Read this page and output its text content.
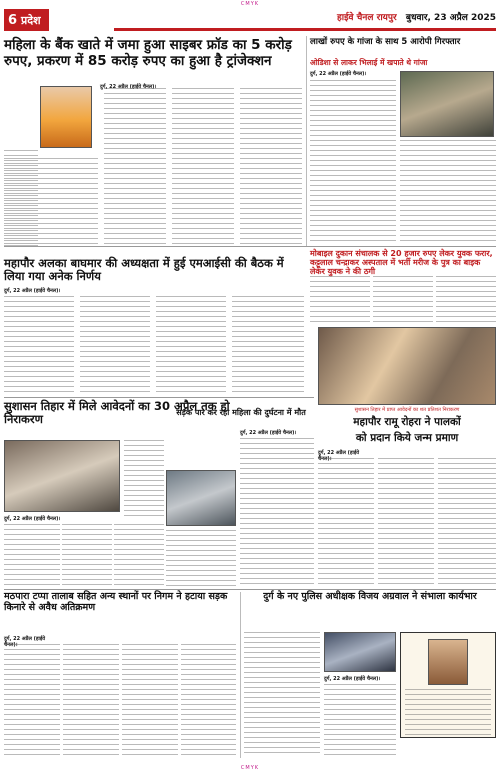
CMYK
CMYK
6 प्रदेश	हाईवे चैनल रायपुर बुधवार, 23 अप्रैल 2025
महिला के बैंक खाते में जमा हुआ साइबर फ्रॉड का 5 करोड़ रुपए, प्रकरण में 85 करोड़ रुपए का हुआ है ट्रांजेक्शन
दुर्ग, 22 अप्रैल (हाईवे चैनल)।
लाखों रुपए के गांजा के साथ 5 आरोपी गिरफ्तार
ओडिशा से लाकर भिलाई में खपाते थे गांजा
दुर्ग, 22 अप्रैल (हाईवे चैनल)।
मोबाइल दुकान संचालक से 20 हजार रुपए लेकर युवक फरार, कट्टूलाल चन्द्राकर अस्पताल में भर्ती मरीज के पुत्र का बाइक लेकर युवक ने की ठगी
महापौर अलका बाघमार की अध्यक्षता में हुई एमआईसी की बैठक में लिया गया अनेक निर्णय
दुर्ग, 22 अप्रैल (हाईवे चैनल)।
सुशासन तिहार में मिले आवेदनों का 30 अप्रैल तक हो निराकरण
दुर्ग, 22 अप्रैल (हाईवे चैनल)।
सड़क पार कर रहा महिला की दुर्घटना में मौत
दुर्ग, 22 अप्रैल (हाईवे चैनल)।
सुशासन तिहार में प्राप्त आवेदनों का शत प्रतिशत निराकरण
महापौर रामू रोहरा ने पालकों
को प्रदान किये जन्म प्रमाण
दुर्ग, 22 अप्रैल (हाईवे चैनल)।
मठपारा टप्पा तालाब सहित अन्य स्थानों पर निगम ने हटाया सड़क किनारे से अवैध अतिक्रमण
दुर्ग, 22 अप्रैल (हाईवे चैनल)।
दुर्ग के नए पुलिस अधीक्षक विजय अग्रवाल ने संभाला कार्यभार
दुर्ग, 22 अप्रैल (हाईवे चैनल)।
